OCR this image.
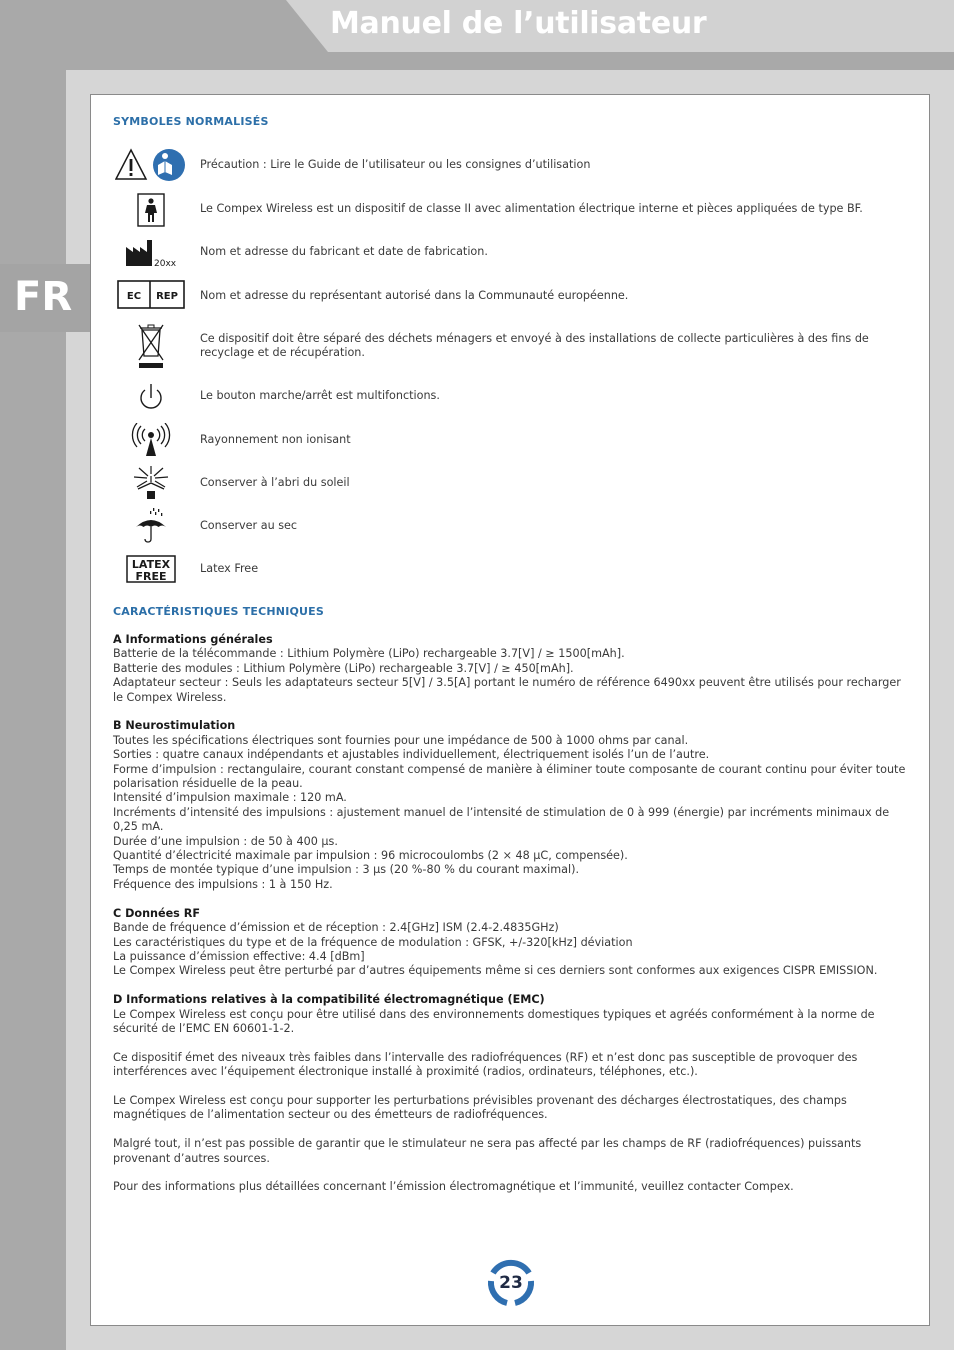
Manuel de l’utilisateur
FR
SYMBOLES NORMALISÉS
Précaution : Lire le Guide de l’utilisateur ou les consignes d’utilisation
Le Compex Wireless est un dispositif de classe II avec alimentation électrique interne et pièces appliquées de type BF.
20xx
Nom et adresse du fabricant et date de fabrication.
EC REP Nom et adresse du représentant autorisé dans la Communauté européenne.
Ce dispositif doit être séparé des déchets ménagers et envoyé à des installations de collecte particulières à des fins de recyclage et de récupération.
Le bouton marche/arrêt est multifonctions.
Rayonnement non ionisant
Conserver à l’abri du soleil
Conserver au sec
LATEX
FREE
Latex Free
CARACTÉRISTIQUES TECHNIQUES
A Informations générales

Batterie de la télécommande : Lithium Polymère (LiPo) rechargeable 3.7[V] / ≥ 1500[mAh].

Batterie des modules : Lithium Polymère (LiPo) rechargeable 3.7[V] / ≥ 450[mAh].

Adaptateur secteur : Seuls les adaptateurs secteur 5[V] / 3.5[A] portant le numéro de référence 6490xx peuvent être utilisés pour recharger le Compex Wireless.

B Neurostimulation

Toutes les spécifications électriques sont fournies pour une impédance de 500 à 1000 ohms par canal.

Sorties : quatre canaux indépendants et ajustables individuellement, électriquement isolés l’un de l’autre.

Forme d’impulsion : rectangulaire, courant constant compensé de manière à éliminer toute composante de courant continu pour éviter toute polarisation résiduelle de la peau.

Intensité d’impulsion maximale : 120 mA.

Incréments d’intensité des impulsions : ajustement manuel de l’intensité de stimulation de 0 à 999 (énergie) par incréments minimaux de 0,25 mA.

Durée d’une impulsion : de 50 à 400 µs.

Quantité d’électricité maximale par impulsion : 96 microcoulombs (2 × 48 µC, compensée).

Temps de montée typique d’une impulsion : 3 µs (20 %-80 % du courant maximal).

Fréquence des impulsions : 1 à 150 Hz.

C Données RF

Bande de fréquence d’émission et de réception : 2.4[GHz] ISM (2.4-2.4835GHz)

Les caractéristiques du type et de la fréquence de modulation : GFSK, +/-320[kHz] déviation

La puissance d’émission effective: 4.4 [dBm]

Le Compex Wireless peut être perturbé par d’autres équipements même si ces derniers sont conformes aux exigences CISPR EMISSION.

D Informations relatives à la compatibilité électromagnétique (EMC)

Le Compex Wireless est conçu pour être utilisé dans des environnements domestiques typiques et agréés conformément à la norme de sécurité de l’EMC EN 60601-1-2.

Ce dispositif émet des niveaux très faibles dans l’intervalle des radiofréquences (RF) et n’est donc pas susceptible de provoquer des interférences avec l’équipement électronique installé à proximité (radios, ordinateurs, téléphones, etc.).

Le Compex Wireless est conçu pour supporter les perturbations prévisibles provenant des décharges électrostatiques, des champs magnétiques de l’alimentation secteur ou des émetteurs de radiofréquences.

Malgré tout, il n’est pas possible de garantir que le stimulateur ne sera pas affecté par les champs de RF (radiofréquences) puissants provenant d’autres sources.

Pour des informations plus détaillées concernant l’émission électromagnétique et l’immunité, veuillez contacter Compex.

23
